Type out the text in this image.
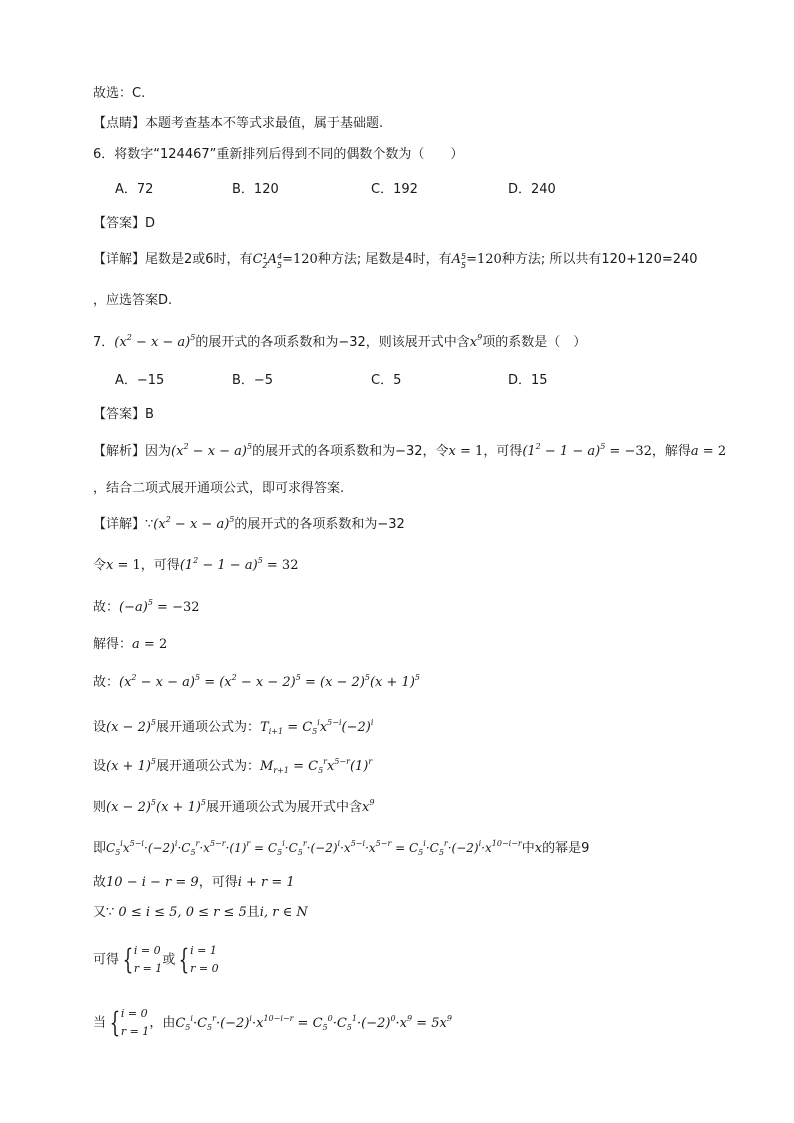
故选：C.
【点睛】本题考查基本不等式求最值，属于基础题.
6．将数字“124467”重新排列后得到不同的偶数个数为（　　）
A．72	B．120	C．192	D．240
【答案】D
【详解】尾数是2或6时，有C 1
2 A 4
5 =120种方法; 尾数是4时，有A 5
5 =120种方法; 所以共有120+120=240
，应选答案D.
7．$(x^2 - x - a)^5$的展开式的各项系数和为−32，则该展开式中含$x^9$项的系数是（　）
A．−15	B．−5	C．5	D．15
【答案】B
【解析】因为$(x^2 - x - a)^5$的展开式的各项系数和为−32，令x = 1，可得$(1^2 - 1 - a)^5 = -32$，解得a = 2
，结合二项式展开通项公式，即可求得答案.
【详解】$\because(x^2 - x - a)^5$的展开式的各项系数和为−32
令x = 1，可得$(1^2 - 1 - a)^5 = 32$
故：$(-a)^5 = -32$
解得：a = 2
故：$(x^2 - x - a)^5 = (x^2 - x - 2)^5 = (x - 2)^5(x + 1)^5$
设$(x - 2)^5$展开通项公式为：$T_{i+1} = C_5^ix^{5-i}(-2)^i$
设$(x + 1)^5$展开通项公式为：$M_{r+1} = C_5^rx^{5-r}(1)^r$
则$(x - 2)^5(x + 1)^5$展开通项公式为展开式中含$x^9$
即$C_5^ix^{5-i}\cdot(-2)^i\cdot C_5^r\cdot x^{5-r}\cdot(1)^r = C_5^i\cdot C_5^r\cdot(-2)^i\cdot x^{5-i}\cdot x^{5-r} = C_5^i\cdot C_5^r\cdot(-2)^i\cdot x^{10-i-r}$中x的幂是9
故10 − i − r = 9，可得i + r = 1
又∵ 0 ≤ i ≤ 5, 0 ≤ r ≤ 5且i, r ∈ N
可得 { i = 0
r = 1
或 { i = 1
r = 0
当 { i = 0
r = 1
，由$C_5^i\cdot C_5^r\cdot(-2)^i\cdot x^{10-i-r} = C_5^0\cdot C_5^1\cdot(-2)^0\cdot x^9 = 5x^9$
